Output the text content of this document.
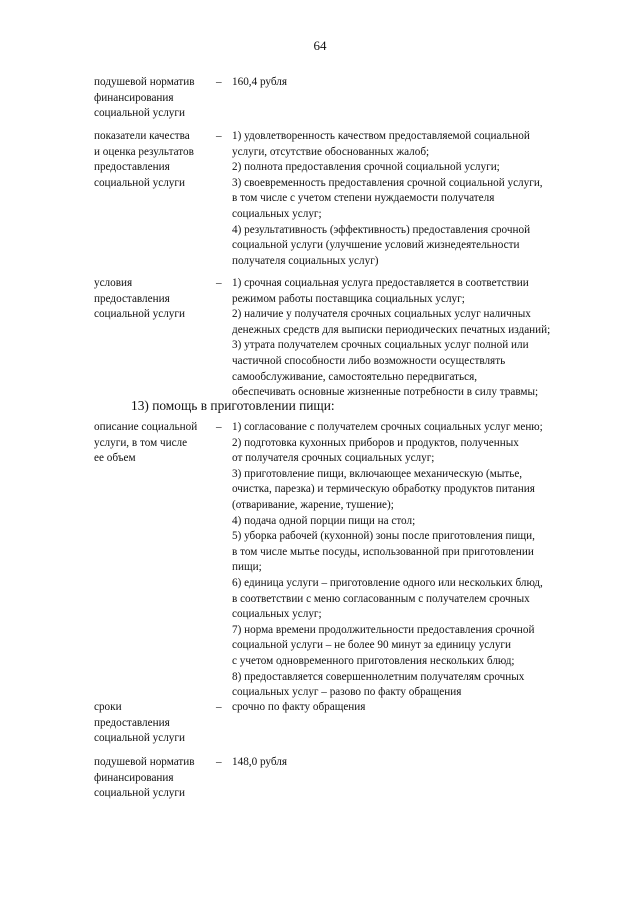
64
подушевой норматив
финансирования
социальной услуги
– 160,4 рубля
показатели качества
и оценка результатов
предоставления
социальной услуги
– 1) удовлетворенность качеством предоставляемой социальной
услуги, отсутствие обоснованных жалоб;
2) полнота предоставления срочной социальной услуги;
3) своевременность предоставления срочной социальной услуги,
в том числе с учетом степени нуждаемости получателя
социальных услуг;
4) результативность (эффективность) предоставления срочной
социальной услуги (улучшение условий жизнедеятельности
получателя социальных услуг)
условия
предоставления
социальной услуги
– 1) срочная социальная услуга предоставляется в соответствии
режимом работы поставщика социальных услуг;
2) наличие у получателя срочных социальных услуг наличных
денежных средств для выписки периодических печатных изданий;
3) утрата получателем срочных социальных услуг полной или
частичной способности либо возможности осуществлять
самообслуживание, самостоятельно передвигаться,
обеспечивать основные жизненные потребности в силу травмы;
13) помощь в приготовлении пищи:
описание социальной
услуги, в том числе
ее объем
– 1) согласование с получателем срочных социальных услуг меню;
2) подготовка кухонных приборов и продуктов, полученных
от получателя срочных социальных услуг;
3) приготовление пищи, включающее механическую (мытье,
очистка, парезка) и термическую обработку продуктов питания
(отваривание, жарение, тушение);
4) подача одной порции пищи на стол;
5) уборка рабочей (кухонной) зоны после приготовления пищи,
в том числе мытье посуды, использованной при приготовлении
пищи;
6) единица услуги – приготовление одного или нескольких блюд,
в соответствии с меню согласованным с получателем срочных
социальных услуг;
7) норма времени продолжительности предоставления срочной
социальной услуги – не более 90 минут за единицу услуги
с учетом одновременного приготовления нескольких блюд;
8) предоставляется совершеннолетним получателям срочных
социальных услуг – разово по факту обращения
сроки
предоставления
социальной услуги
– срочно по факту обращения
подушевой норматив
финансирования
социальной услуги
– 148,0 рубля
